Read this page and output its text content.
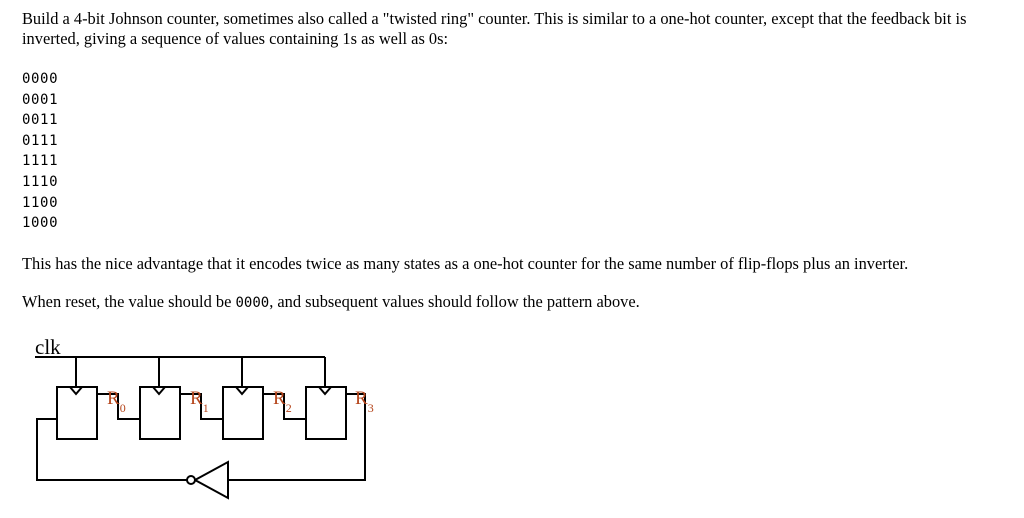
Build a 4-bit Johnson counter, sometimes also called a "twisted ring" counter. This is similar to a one-hot counter, except that the feedback bit is inverted, giving a sequence of values containing 1s as well as 0s:

0000
0001
0011
0111
1111
1110
1100
1000

This has the nice advantage that it encodes twice as many states as a one-hot counter for the same number of flip-flops plus an inverter.

When reset, the value should be 0000, and subsequent values should follow the pattern above.

clk
$R_0$	$R_1$	$R_2$	$R_3$
